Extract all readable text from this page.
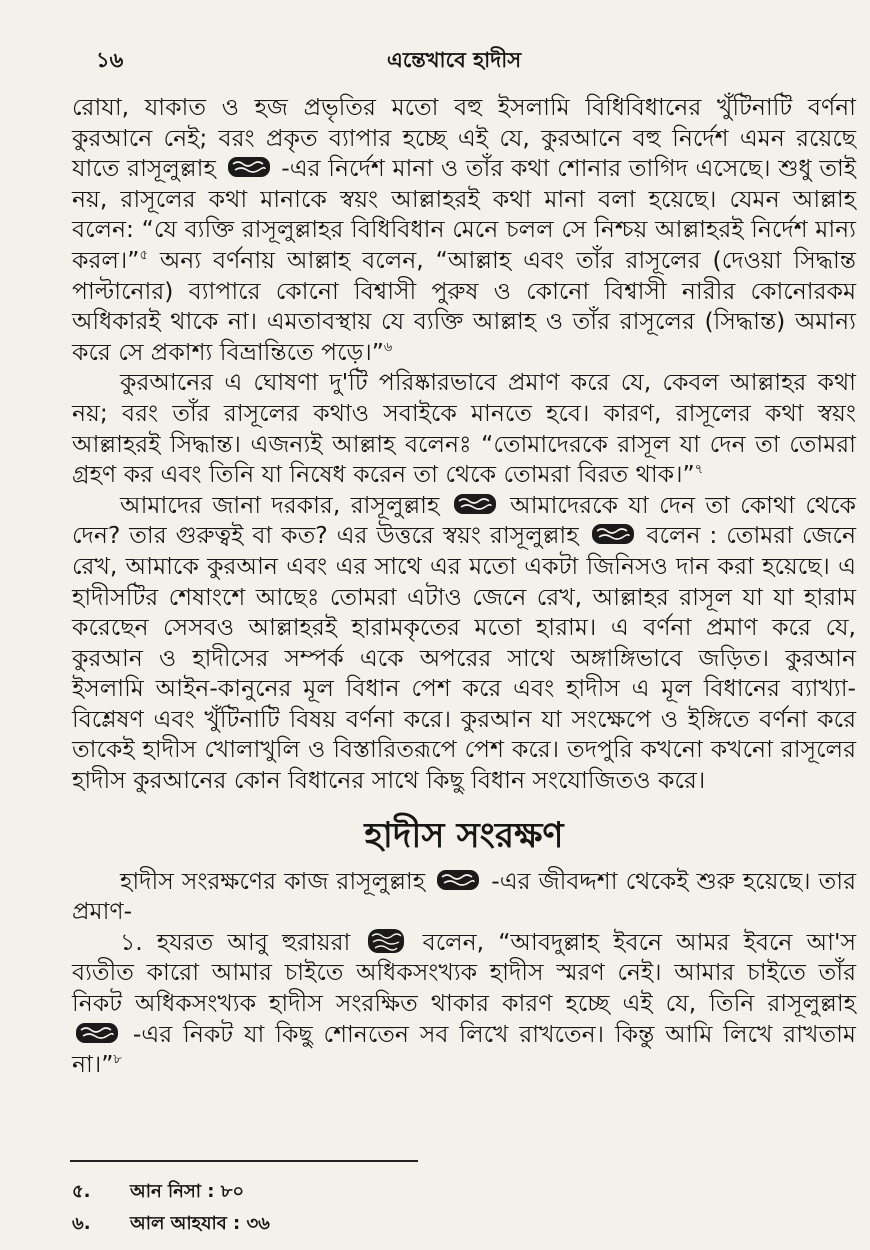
১৬	এন্তেখাবে হাদীস

রোযা, যাকাত ও হজ প্রভৃতির মতো বহু ইসলামি বিধিবিধানের খুঁটিনাটি বর্ণনা কুরআনে নেই; বরং প্রকৃত ব্যাপার হচ্ছে এই যে, কুরআনে বহু নির্দেশ এমন রয়েছে যাতে রাসূলুল্লাহ	-এর নির্দেশ মানা ও তাঁর কথা শোনার তাগিদ এসেছে। শুধু তাই নয়, রাসূলের কথা মানাকে স্বয়ং আল্লাহরই কথা মানা বলা হয়েছে। যেমন আল্লাহ বলেন: “যে ব্যক্তি রাসূলুল্লাহর বিধিবিধান মেনে চলল সে নিশ্চয় আল্লাহরই নির্দেশ মান্য করল।”$^৫$ অন্য বর্ণনায় আল্লাহ বলেন, “আল্লাহ এবং তাঁর রাসূলের (দেওয়া সিদ্ধান্ত পাল্টানোর) ব্যাপারে কোনো বিশ্বাসী পুরুষ ও কোনো বিশ্বাসী নারীর কোনোরকম অধিকারই থাকে না। এমতাবস্থায় যে ব্যক্তি আল্লাহ ও তাঁর রাসূলের (সিদ্ধান্ত) অমান্য করে সে প্রকাশ্য বিভ্রান্তিতে পড়ে।”$^৬$

কুরআনের এ ঘোষণা দু'টি পরিষ্কারভাবে প্রমাণ করে যে, কেবল আল্লাহর কথা নয়; বরং তাঁর রাসূলের কথাও সবাইকে মানতে হবে। কারণ, রাসূলের কথা স্বয়ং আল্লাহরই সিদ্ধান্ত। এজন্যই আল্লাহ বলেনঃ “তোমাদেরকে রাসূল যা দেন তা তোমরা গ্রহণ কর এবং তিনি যা নিষেধ করেন তা থেকে তোমরা বিরত থাক।”$^৭$

আমাদের জানা দরকার, রাসূলুল্লাহ	আমাদেরকে যা দেন তা কোথা থেকে দেন? তার গুরুত্বই বা কত? এর উত্তরে স্বয়ং রাসূলুল্লাহ	বলেন : তোমরা জেনে রেখ, আমাকে কুরআন এবং এর সাথে এর মতো একটা জিনিসও দান করা হয়েছে। এ হাদীসটির শেষাংশে আছেঃ তোমরা এটাও জেনে রেখ, আল্লাহর রাসূল যা যা হারাম করেছেন সেসবও আল্লাহরই হারামকৃতের মতো হারাম। এ বর্ণনা প্রমাণ করে যে, কুরআন ও হাদীসের সম্পর্ক একে অপরের সাথে অঙ্গাঙ্গিভাবে জড়িত। কুরআন ইসলামি আইন-কানুনের মূল বিধান পেশ করে এবং হাদীস এ মূল বিধানের ব্যাখ্যা-বিশ্লেষণ এবং খুঁটিনাটি বিষয় বর্ণনা করে। কুরআন যা সংক্ষেপে ও ইঙ্গিতে বর্ণনা করে তাকেই হাদীস খোলাখুলি ও বিস্তারিতরূপে পেশ করে। তদপুরি কখনো কখনো রাসূলের হাদীস কুরআনের কোন বিধানের সাথে কিছু বিধান সংযোজিতও করে।

হাদীস সংরক্ষণ

হাদীস সংরক্ষণের কাজ রাসূলুল্লাহ	-এর জীবদ্দশা থেকেই শুরু হয়েছে। তার প্রমাণ-

১. হযরত আবু হুরায়রা	বলেন, “আবদুল্লাহ ইবনে আমর ইবনে আ'স ব্যতীত কারো আমার চাইতে অধিকসংখ্যক হাদীস স্মরণ নেই। আমার চাইতে তাঁর নিকট অধিকসংখ্যক হাদীস সংরক্ষিত থাকার কারণ হচ্ছে এই যে, তিনি রাসূলুল্লাহ  -এর নিকট যা কিছু শোনতেন সব লিখে রাখতেন। কিন্তু আমি লিখে রাখতাম না।”$^৮$

৫. আন নিসা : ৮০
৬. আল আহযাব : ৩৬
